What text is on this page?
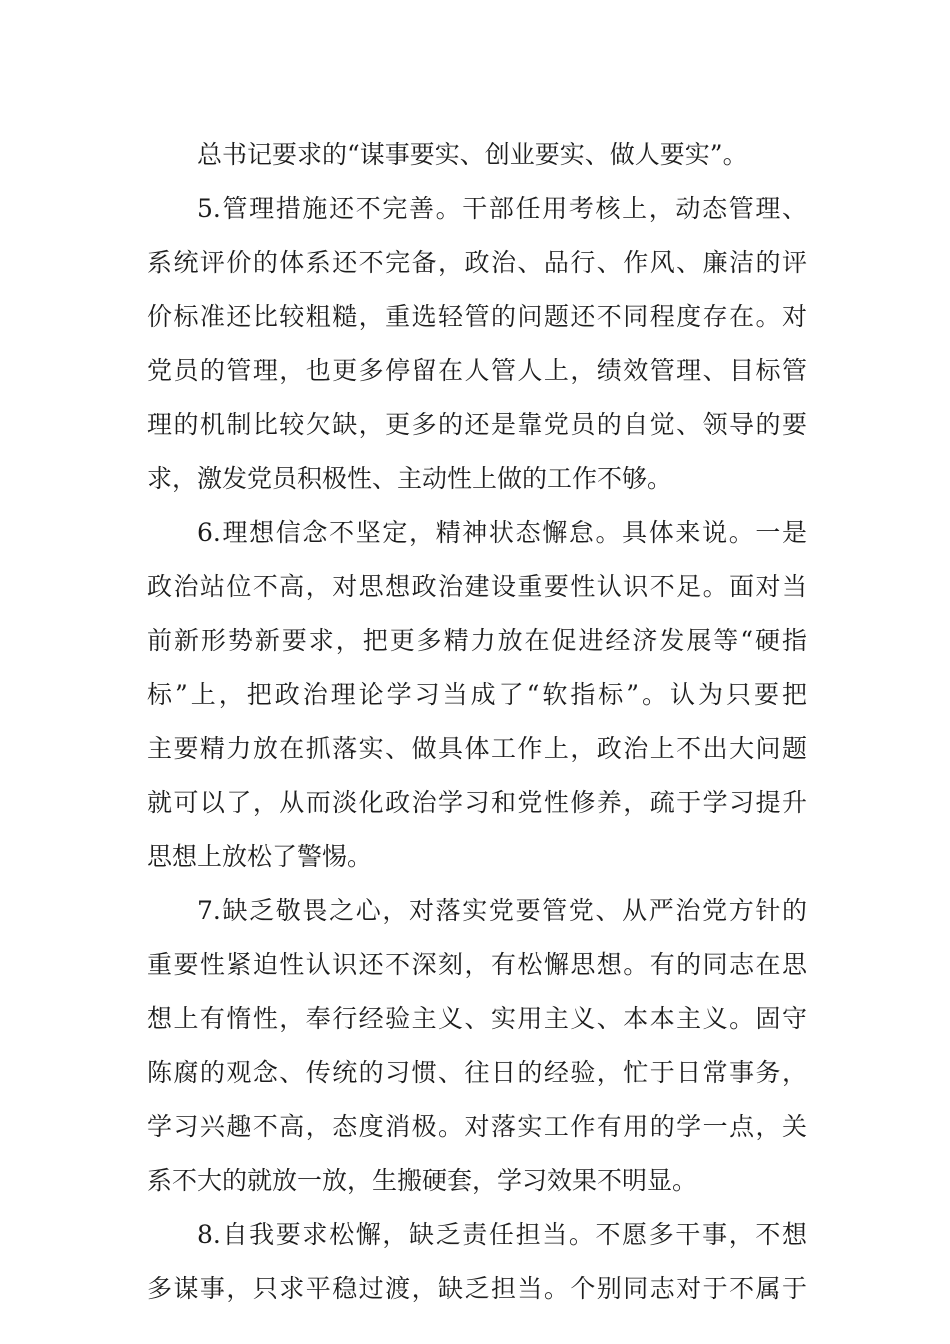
总书记要求的“谋事要实、创业要实、做人要实”。
5.管理措施还不完善。干部任用考核上，动态管理、
系统评价的体系还不完备，政治、品行、作风、廉洁的评
价标准还比较粗糙，重选轻管的问题还不同程度存在。对
党员的管理，也更多停留在人管人上，绩效管理、目标管
理的机制比较欠缺，更多的还是靠党员的自觉、领导的要
求，激发党员积极性、主动性上做的工作不够。
6.理想信念不坚定，精神状态懈怠。具体来说。一是
政治站位不高，对思想政治建设重要性认识不足。面对当
前新形势新要求，把更多精力放在促进经济发展等“硬指
标”上，把政治理论学习当成了“软指标”。认为只要把
主要精力放在抓落实、做具体工作上，政治上不出大问题
就可以了，从而淡化政治学习和党性修养，疏于学习提升
思想上放松了警惕。
7.缺乏敬畏之心，对落实党要管党、从严治党方针的
重要性紧迫性认识还不深刻，有松懈思想。有的同志在思
想上有惰性，奉行经验主义、实用主义、本本主义。固守
陈腐的观念、传统的习惯、往日的经验，忙于日常事务，
学习兴趣不高，态度消极。对落实工作有用的学一点，关
系不大的就放一放，生搬硬套，学习效果不明显。
8.自我要求松懈，缺乏责任担当。不愿多干事，不想
多谋事，只求平稳过渡，缺乏担当。个别同志对于不属于
